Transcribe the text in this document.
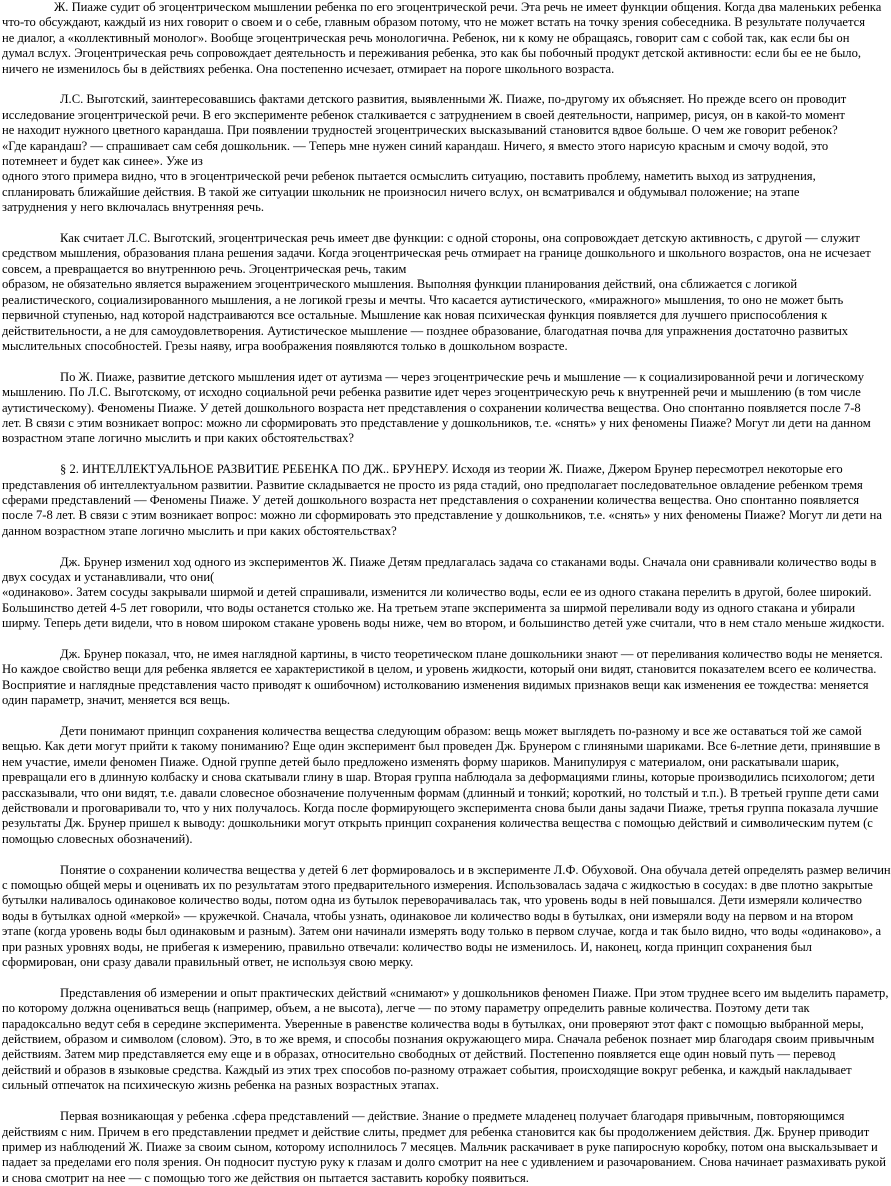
Ж. Пиаже судит об эгоцентрическом мышлении ребенка по его эгоцентрической речи. Эта речь не имеет функции общения. Когда два маленьких ребенка
что-то обсуждают, каждый из них говорит о своем и о себе, главным образом потому, что не может встать на точку зрения собеседника. В результате получается
не диалог, а «коллективный монолог». Вообще эгоцентрическая речь монологична. Ребенок, ни к кому не обращаясь, говорит сам с собой так, как если бы он
думал вслух. Эгоцентрическая речь сопровождает деятельность и переживания ребенка, это как бы побочный продукт детской активности: если бы ее не было,
ничего не изменилось бы в действиях ребенка. Она постепенно исчезает, отмирает на пороге школьного возраста.
Л.С. Выготский, заинтересовавшись фактами детского развития, выявленными Ж. Пиаже, по-другому их объясняет. Но прежде всего он проводит
исследование эгоцентрической речи. В его эксперименте ребенок сталкивается с затруднением в своей деятельности, например, рисуя, он в какой-то момент
не находит нужного цветного карандаша. При появлении трудностей эгоцентрических высказываний становится вдвое больше. О чем же говорит ребенок?
«Где карандаш? — спрашивает сам себя дошкольник. — Теперь мне нужен синий карандаш. Ничего, я вместо этого нарисую красным и смочу водой, это
потемнеет и будет как синее». Уже из
одного этого примера видно, что в эгоцентрической речи ребенок пытается осмыслить ситуацию, поставить проблему, наметить выход из затруднения,
спланировать ближайшие действия. В такой же ситуации школьник не произносил ничего вслух, он всматривался и обдумывал положение; на этапе
затруднения у него включалась внутренняя речь.
Как считает Л.С. Выготский, эгоцентрическая речь имеет две функции: с одной стороны, она сопровождает детскую активность, с другой — служит
средством мышления, образования плана решения задачи. Когда эгоцентрическая речь отмирает на границе дошкольного и школьного возрастов, она не исчезает
совсем, а превращается во внутреннюю речь. Эгоцентрическая речь, таким
образом, не обязательно является выражением эгоцентрического мышления. Выполняя функции планирования действий, она сближается с логикой
реалистического, социализированного мышления, а не логикой грезы и мечты. Что касается аутистического, «миражного» мышления, то оно не может быть
первичной ступенью, над которой надстраиваются все остальные. Мышление как новая психическая функция появляется для лучшего приспособления к
действительности, а не для самоудовлетворения. Аутистическое мышление — позднее образование, благодатная почва для упражнения достаточно развитых
мыслительных способностей. Грезы наяву, игра воображения появляются только в дошкольном возрасте.
По Ж. Пиаже, развитие детского мышления идет от аутизма — через эгоцентрические речь и мышление — к социализированной речи и логическому
мышлению. По Л.С. Выготскому, от исходно социальной речи ребенка развитие идет через эгоцентрическую речь к внутренней речи и мышлению (в том числе
аутистическому). Феномены Пиаже. У детей дошкольного возраста нет представления о сохранении количества вещества. Оно спонтанно появляется после 7-8
лет. В связи с этим возникает вопрос: можно ли сформировать это представление у дошкольников, т.е. «снять» у них феномены Пиаже? Могут ли дети на данном
возрастном этапе логично мыслить и при каких обстоятельствах?
§ 2. ИНТЕЛЛЕКТУАЛЬНОЕ РАЗВИТИЕ РЕБЕНКА ПО ДЖ.. БРУНЕРУ. Исходя из теории Ж. Пиаже, Джером Брунер пересмотрел некоторые его
представления об интеллектуальном развитии. Развитие складывается не просто из ряда стадий, оно предполагает последовательное овладение ребенком тремя
сферами представлений — Феномены Пиаже. У детей дошкольного возраста нет представления о сохранении количества вещества. Оно спонтанно появляется
после 7-8 лет. В связи с этим возникает вопрос: можно ли сформировать это представление у дошкольников, т.е. «снять» у них феномены Пиаже? Могут ли дети на
данном возрастном этапе логично мыслить и при каких обстоятельствах?
Дж. Брунер изменил ход одного из экспериментов Ж. Пиаже Детям предлагалась задача со стаканами воды. Сначала они сравнивали количество воды в
двух сосудах и устанавливали, что они(
«одинаково». Затем сосуды закрывали ширмой и детей спрашивали, изменится ли количество воды, если ее из одного стакана перелить в другой, более широкий.
Большинство детей 4-5 лет говорили, что воды останется столько же. На третьем этапе эксперимента за ширмой переливали воду из одного стакана и убирали
ширму. Теперь дети видели, что в новом широком стакане уровень воды ниже, чем во втором, и большинство детей уже считали, что в нем стало меньше жидкости.
Дж. Брунер показал, что, не имея наглядной картины, в чисто теоретическом плане дошкольники знают — от переливания количество воды не меняется.
Но каждое свойство вещи для ребенка является ее характеристикой в целом, и уровень жидкости, который они видят, становится показателем всего ее количества.
Восприятие и наглядные представления часто приводят к ошибочном) истолкованию изменения видимых признаков вещи как изменения ее тождества: меняется
один параметр, значит, меняется вся вещь.
Дети понимают принцип сохранения количества вещества следующим образом: вещь может выглядеть по-разному и все же оставаться той же самой
вещью. Как дети могут прийти к такому пониманию? Еще один эксперимент был проведен Дж. Брунером с глиняными шариками. Все 6-летние дети, принявшие в
нем участие, имели феномен Пиаже. Одной группе детей было предложено изменять форму шариков. Манипулируя с материалом, они раскатывали шарик,
превращали его в длинную колбаску и снова скатывали глину в шар. Вторая группа наблюдала за деформациями глины, которые производились психологом; дети
рассказывали, что они видят, т.е. давали словесное обозначение полученным формам (длинный и тонкий; короткий, но толстый и т.п.). В третьей группе дети сами
действовали и проговаривали то, что у них получалось. Когда после формирующего эксперимента снова были даны задачи Пиаже, третья группа показала лучшие
результаты Дж. Брунер пришел к выводу: дошкольники могут открыть принцип сохранения количества вещества с помощью действий и символическим путем (с
помощью словесных обозначений).
Понятие о сохранении количества вещества у детей 6 лет формировалось и в эксперименте Л.Ф. Обуховой. Она обучала детей определять размер величин
с помощью общей меры и оценивать их по результатам этого предварительного измерения. Использовалась задача с жидкостью в сосудах: в две плотно закрытые
бутылки наливалось одинаковое количество воды, потом одна из бутылок переворачивалась так, что уровень воды в ней повышался. Дети измеряли количество
воды в бутылках одной «меркой» — кружечкой. Сначала, чтобы узнать, одинаковое ли количество воды в бутылках, они измеряли воду на первом и на втором
этапе (когда уровень воды был одинаковым и разным). Затем они начинали измерять воду только в первом случае, когда и так было видно, что воды «одинаково», а
при разных уровнях воды, не прибегая к измерению, правильно отвечали: количество воды не изменилось. И, наконец, когда принцип сохранения был
сформирован, они сразу давали правильный ответ, не используя свою мерку.
Представления об измерении и опыт практических действий «снимают» у дошкольников феномен Пиаже. При этом труднее всего им выделить параметр,
по которому должна оцениваться вещь (например, объем, а не высота), легче — по этому параметру определить равные количества. Поэтому дети так
парадоксально ведут себя в середине эксперимента. Уверенные в равенстве количества воды в бутылках, они проверяют этот факт с помощью выбранной меры,
действием, образом и символом (словом). Это, в то же время, и способы познания окружающего мира. Сначала ребенок познает мир благодаря своим привычным
действиям. Затем мир представляется ему еще и в образах, относительно свободных от действий. Постепенно появляется еще один новый путь — перевод
действий и образов в языковые средства. Каждый из этих трех способов по-разному отражает события, происходящие вокруг ребенка, и каждый накладывает
сильный отпечаток на психическую жизнь ребенка на разных возрастных этапах.
Первая возникающая у ребенка .сфера представлений — действие. Знание о предмете младенец получает благодаря привычным, повторяющимся
действиям с ним. Причем в его представлении предмет и действие слиты, предмет для ребенка становится как бы продолжением действия. Дж. Брунер приводит
пример из наблюдений Ж. Пиаже за своим сыном, которому исполнилось 7 месяцев. Мальчик раскачивает в руке папиросную коробку, потом она выскальзывает и
падает за пределами его поля зрения. Он подносит пустую руку к глазам и долго смотрит на нее с удивлением и разочарованием. Снова начинает размахивать рукой
и снова смотрит на нее — с помощью того же действия он пытается заставить коробку появиться.
